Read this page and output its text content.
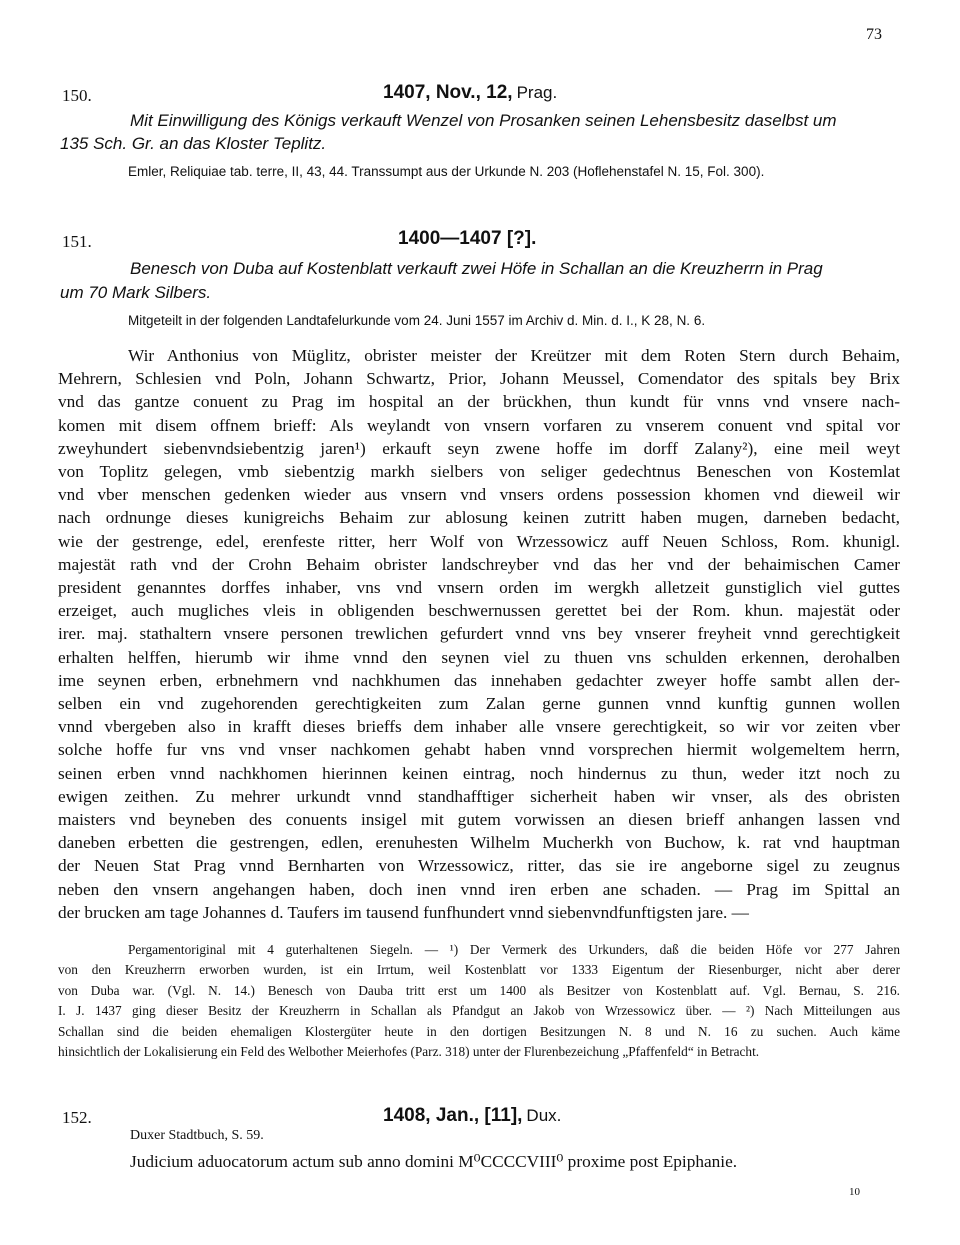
73
150.	1407, Nov., 12, Prag.
Mit Einwilligung des Königs verkauft Wenzel von Prosanken seinen Lehensbesitz daselbst um
135 Sch. Gr. an das Kloster Teplitz.
Emler, Reliquiae tab. terre, II, 43, 44. Transsumpt aus der Urkunde N. 203 (Hoflehenstafel N. 15, Fol. 300).
151.	1400—1407 [?].
Benesch von Duba auf Kostenblatt verkauft zwei Höfe in Schallan an die Kreuzherrn in Prag
um 70 Mark Silbers.
Mitgeteilt in der folgenden Landtafelurkunde vom 24. Juni 1557 im Archiv d. Min. d. I., K 28, N. 6.
Wir Anthonius von Müglitz, obrister meister der Kreützer mit dem Roten Stern durch Behaim,
Mehrern, Schlesien vnd Poln, Johann Schwartz, Prior, Johann Meussel, Comendator des spitals bey Brix
vnd das gantze conuent zu Prag im hospital an der brückhen, thun kundt für vnns vnd vnsere nach-
komen mit disem offnem brieff: Als weylandt von vnsern vorfaren zu vnserem conuent vnd spital vor
zweyhundert siebenvndsiebentzig jaren¹) erkauft seyn zwene hoffe im dorff Zalany²), eine meil weyt
von Toplitz gelegen, vmb siebentzig markh sielbers von seliger gedechtnus Beneschen von Kostemlat
vnd vber menschen gedenken wieder aus vnsern vnd vnsers ordens possession khomen vnd dieweil wir
nach ordnunge dieses kunigreichs Behaim zur ablosung keinen zutritt haben mugen, darneben bedacht,
wie der gestrenge, edel, erenfeste ritter, herr Wolf von Wrzessowicz auff Neuen Schloss, Rom. khunigl.
majestät rath vnd der Crohn Behaim obrister landschreyber vnd das her vnd der behaimischen Camer
president genanntes dorffes inhaber, vns vnd vnsern orden im wergkh alletzeit gunstiglich viel guttes
erzeiget, auch mugliches vleis in obligenden beschwernussen gerettet bei der Rom. khun. majestät oder
irer. maj. stathaltern vnsere personen trewlichen gefurdert vnnd vns bey vnserer freyheit vnnd gerechtigkeit
erhalten helffen, hierumb wir ihme vnnd den seynen viel zu thuen vns schulden erkennen, derohalben
ime seynen erben, erbnehmern vnd nachkhumen das innehaben gedachter zweyer hoffe sambt allen der-
selben ein vnd zugehorenden gerechtigkeiten zum Zalan gerne gunnen vnnd kunftig gunnen wollen
vnnd vbergeben also in krafft dieses brieffs dem inhaber alle vnsere gerechtigkeit, so wir vor zeiten vber
solche hoffe fur vns vnd vnser nachkomen gehabt haben vnnd vorsprechen hiermit wolgemeltem herrn,
seinen erben vnnd nachkhomen hierinnen keinen eintrag, noch hindernus zu thun, weder itzt noch zu
ewigen zeithen. Zu mehrer urkundt vnnd standhafftiger sicherheit haben wir vnser, als des obristen
maisters vnd beyneben des conuents insigel mit gutem vorwissen an diesen brieff anhangen lassen vnd
daneben erbetten die gestrengen, edlen, erenuhesten Wilhelm Mucherkh von Buchow, k. rat vnd hauptman
der Neuen Stat Prag vnnd Bernharten von Wrzessowicz, ritter, das sie ire angeborne sigel zu zeugnus
neben den vnsern angehangen haben, doch inen vnnd iren erben ane schaden. — Prag im Spittal an
der brucken am tage Johannes d. Taufers im tausend funfhundert vnnd siebenvndfunftigsten jare. —
Pergamentoriginal mit 4 guterhaltenen Siegeln. — ¹) Der Vermerk des Urkunders, daß die beiden Höfe vor 277 Jahren
von den Kreuzherrn erworben wurden, ist ein Irrtum, weil Kostenblatt vor 1333 Eigentum der Riesenburger, nicht aber derer
von Duba war. (Vgl. N. 14.) Benesch von Dauba tritt erst um 1400 als Besitzer von Kostenblatt auf. Vgl. Bernau, S. 216.
I. J. 1437 ging dieser Besitz der Kreuzherrn in Schallan als Pfandgut an Jakob von Wrzessowicz über. — ²) Nach Mitteilungen aus
Schallan sind die beiden ehemaligen Klostergüter heute in den dortigen Besitzungen N. 8 und N. 16 zu suchen. Auch käme
hinsichtlich der Lokalisierung ein Feld des Welbother Meierhofes (Parz. 318) unter der Flurenbezeichung „Pfaffenfeld“ in Betracht.
152.	1408, Jan., [11], Dux.
Duxer Stadtbuch, S. 59.
Judicium aduocatorum actum sub anno domini M⁰CCCCVIII⁰ proxime post Epiphanie.
10
